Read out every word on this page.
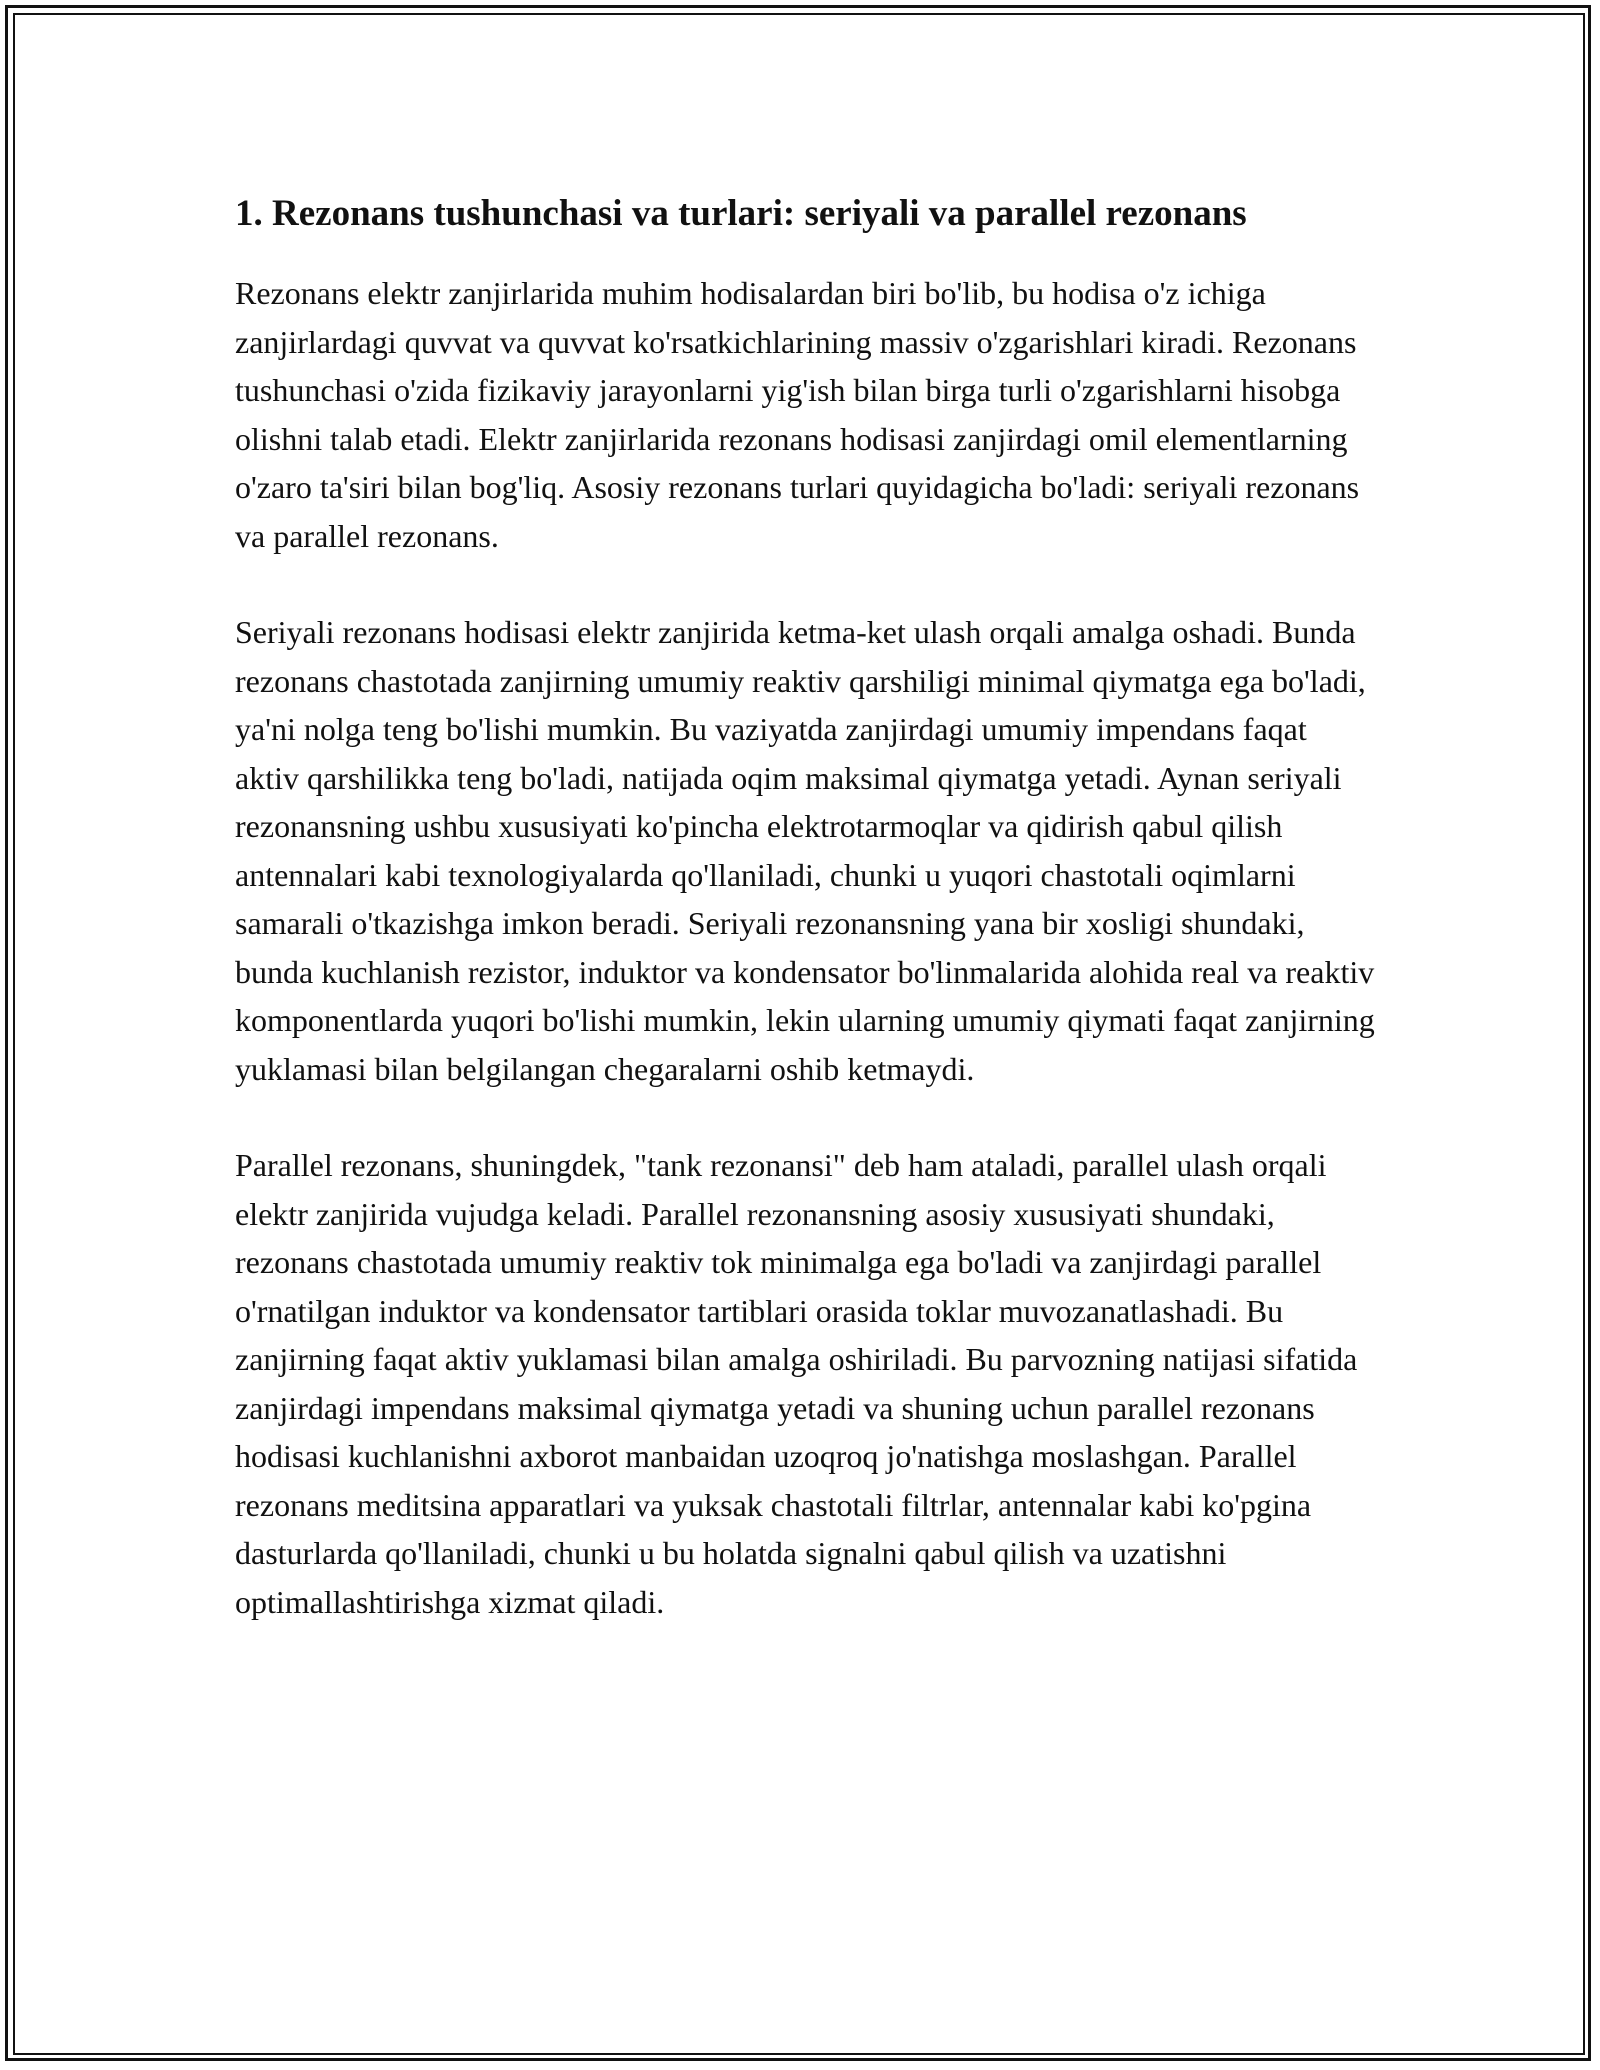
1. Rezonans tushunchasi va turlari: seriyali va parallel rezonans

Rezonans elektr zanjirlarida muhim hodisalardan biri bo'lib, bu hodisa o'z ichiga zanjirlardagi quvvat va quvvat ko'rsatkichlarining massiv o'zgarishlari kiradi. Rezonans tushunchasi o'zida fizikaviy jarayonlarni yig'ish bilan birga turli o'zgarishlarni hisobga olishni talab etadi. Elektr zanjirlarida rezonans hodisasi zanjirdagi omil elementlarning o'zaro ta'siri bilan bog'liq. Asosiy rezonans turlari quyidagicha bo'ladi: seriyali rezonans va parallel rezonans.

Seriyali rezonans hodisasi elektr zanjirida ketma-ket ulash orqali amalga oshadi. Bunda rezonans chastotada zanjirning umumiy reaktiv qarshiligi minimal qiymatga ega bo'ladi, ya'ni nolga teng bo'lishi mumkin. Bu vaziyatda zanjirdagi umumiy impendans faqat aktiv qarshilikka teng bo'ladi, natijada oqim maksimal qiymatga yetadi. Aynan seriyali rezonansning ushbu xususiyati ko'pincha elektrotarmoqlar va qidirish qabul qilish antennalari kabi texnologiyalarda qo'llaniladi, chunki u yuqori chastotali oqimlarni samarali o'tkazishga imkon beradi. Seriyali rezonansning yana bir xosligi shundaki, bunda kuchlanish rezistor, induktor va kondensator bo'linmalarida alohida real va reaktiv komponentlarda yuqori bo'lishi mumkin, lekin ularning umumiy qiymati faqat zanjirning yuklamasi bilan belgilangan chegaralarni oshib ketmaydi.

Parallel rezonans, shuningdek, "tank rezonansi" deb ham ataladi, parallel ulash orqali elektr zanjirida vujudga keladi. Parallel rezonansning asosiy xususiyati shundaki, rezonans chastotada umumiy reaktiv tok minimalga ega bo'ladi va zanjirdagi parallel o'rnatilgan induktor va kondensator tartiblari orasida toklar muvozanatlashadi. Bu zanjirning faqat aktiv yuklamasi bilan amalga oshiriladi. Bu parvozning natijasi sifatida zanjirdagi impendans maksimal qiymatga yetadi va shuning uchun parallel rezonans hodisasi kuchlanishni axborot manbaidan uzoqroq jo'natishga moslashgan. Parallel rezonans meditsina apparatlari va yuksak chastotali filtrlar, antennalar kabi ko'pgina dasturlarda qo'llaniladi, chunki u bu holatda signalni qabul qilish va uzatishni optimallashtirishga xizmat qiladi.
